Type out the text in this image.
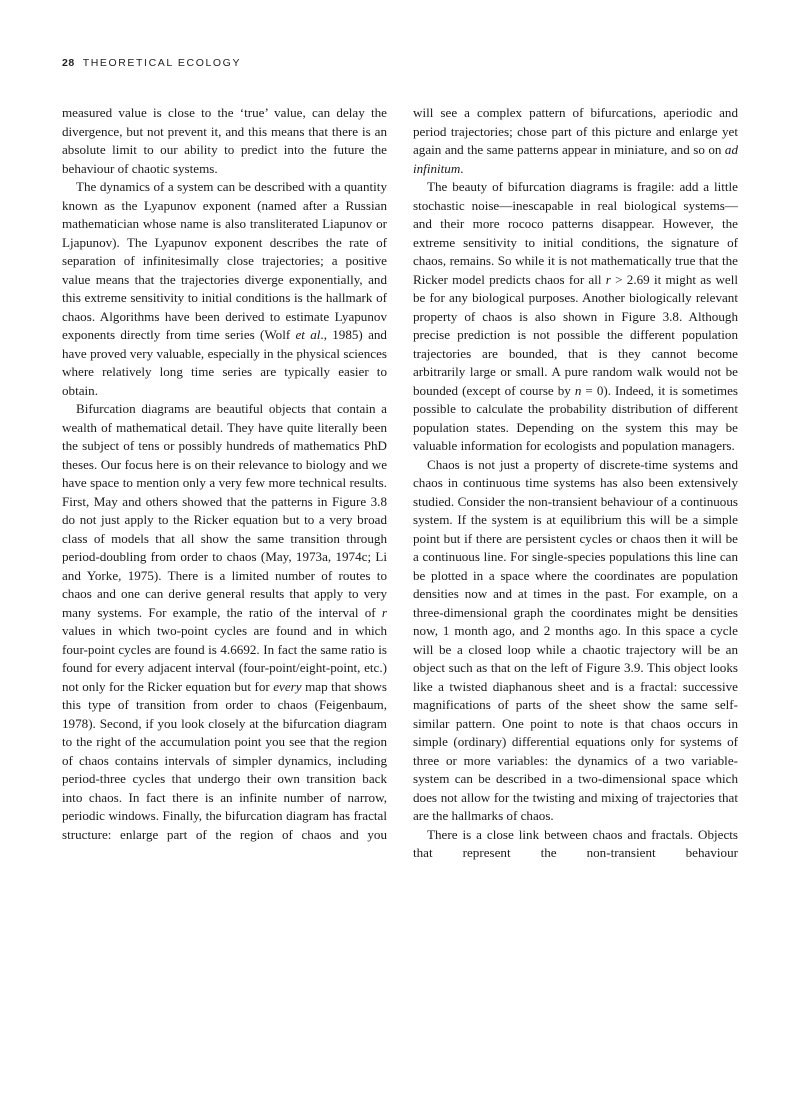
28 THEORETICAL ECOLOGY

measured value is close to the ‘true’ value, can delay the divergence, but not prevent it, and this means that there is an absolute limit to our ability to predict into the future the behaviour of chaotic systems.

The dynamics of a system can be described with a quantity known as the Lyapunov exponent (named after a Russian mathematician whose name is also transliterated Liapunov or Ljapunov). The Lyapunov exponent describes the rate of separation of infinitesimally close trajectories; a positive value means that the trajectories diverge exponentially, and this extreme sensitivity to initial conditions is the hallmark of chaos. Algorithms have been derived to estimate Lyapunov exponents directly from time series (Wolf et al., 1985) and have proved very valuable, especially in the physical sciences where relatively long time series are typically easier to obtain.

Bifurcation diagrams are beautiful objects that contain a wealth of mathematical detail. They have quite literally been the subject of tens or possibly hundreds of mathematics PhD theses. Our focus here is on their relevance to biology and we have space to mention only a very few more technical results. First, May and others showed that the patterns in Figure 3.8 do not just apply to the Ricker equation but to a very broad class of models that all show the same transition through period-doubling from order to chaos (May, 1973a, 1974c; Li and Yorke, 1975). There is a limited number of routes to chaos and one can derive general results that apply to very many systems. For example, the ratio of the interval of r values in which two-point cycles are found and in which four-point cycles are found is 4.6692. In fact the same ratio is found for every adjacent interval (four-point/eight-point, etc.) not only for the Ricker equation but for every map that shows this type of transition from order to chaos (Feigenbaum, 1978). Second, if you look closely at the bifurcation diagram to the right of the accumulation point you see that the region of chaos contains intervals of simpler dynamics, including period-three cycles that undergo their own transition back into chaos. In fact there is an infinite number of narrow, periodic windows. Finally, the bifurcation diagram has fractal structure: enlarge part of the region of chaos and you

will see a complex pattern of bifurcations, aperiodic and period trajectories; chose part of this picture and enlarge yet again and the same patterns appear in miniature, and so on ad infinitum.

The beauty of bifurcation diagrams is fragile: add a little stochastic noise—inescapable in real biological systems—and their more rococo patterns disappear. However, the extreme sensitivity to initial conditions, the signature of chaos, remains. So while it is not mathematically true that the Ricker model predicts chaos for all r > 2.69 it might as well be for any biological purposes. Another biologically relevant property of chaos is also shown in Figure 3.8. Although precise prediction is not possible the different population trajectories are bounded, that is they cannot become arbitrarily large or small. A pure random walk would not be bounded (except of course by n = 0). Indeed, it is sometimes possible to calculate the probability distribution of different population states. Depending on the system this may be valuable information for ecologists and population managers.

Chaos is not just a property of discrete-time systems and chaos in continuous time systems has also been extensively studied. Consider the non-transient behaviour of a continuous system. If the system is at equilibrium this will be a simple point but if there are persistent cycles or chaos then it will be a continuous line. For single-species populations this line can be plotted in a space where the coordinates are population densities now and at times in the past. For example, on a three-dimensional graph the coordinates might be densities now, 1 month ago, and 2 months ago. In this space a cycle will be a closed loop while a chaotic trajectory will be an object such as that on the left of Figure 3.9. This object looks like a twisted diaphanous sheet and is a fractal: successive magnifications of parts of the sheet show the same self-similar pattern. One point to note is that chaos occurs in simple (ordinary) differential equations only for systems of three or more variables: the dynamics of a two variable-system can be described in a two-dimensional space which does not allow for the twisting and mixing of trajectories that are the hallmarks of chaos.

There is a close link between chaos and fractals. Objects that represent the non-transient behaviour
